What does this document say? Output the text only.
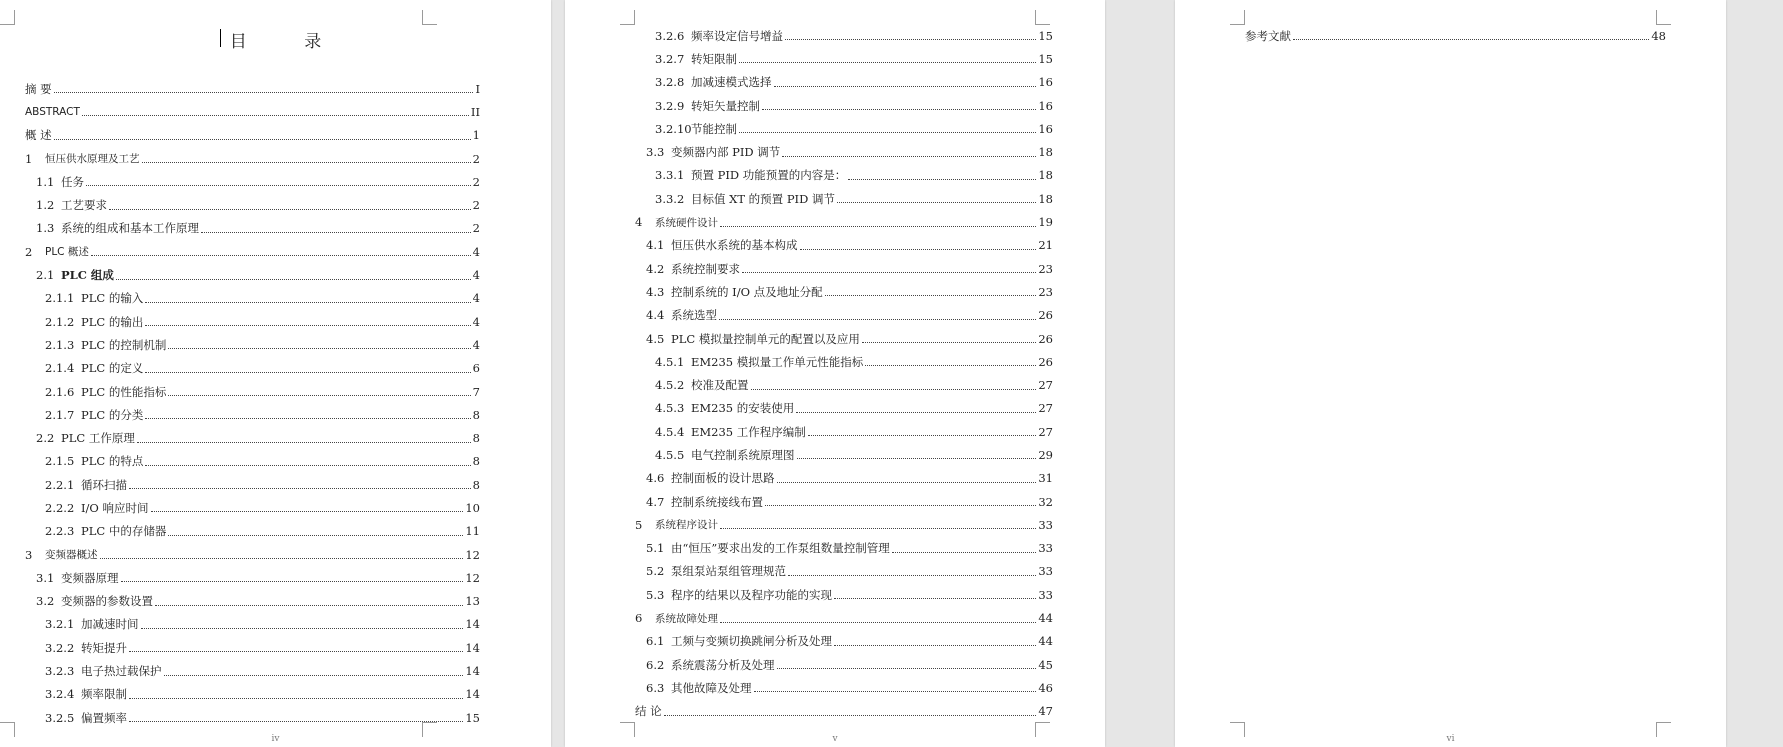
目 录
摘 要	I
ABSTRACT	II
概 述	1
1	恒压供水原理及工艺	2
1.1 任务	2
1.2 工艺要求	2
1.3 系统的组成和基本工作原理	2
2	PLC 概述	4
2.1 PLC 组成	4
2.1.1 PLC 的输入	4
2.1.2 PLC 的输出	4
2.1.3 PLC 的控制机制	4
2.1.4 PLC 的定义	6
2.1.6 PLC 的性能指标	7
2.1.7 PLC 的分类	8
2.2 PLC 工作原理	8
2.1.5 PLC 的特点	8
2.2.1 循环扫描	8
2.2.2 I/O 响应时间	10
2.2.3 PLC 中的存储器	11
3	变频器概述	12
3.1 变频器原理	12
3.2 变频器的参数设置	13
3.2.1 加减速时间	14
3.2.2 转矩提升	14
3.2.3 电子热过载保护	14
3.2.4 频率限制	14
3.2.5 偏置频率	15
iv
3.2.6 频率设定信号增益	15
3.2.7 转矩限制	15
3.2.8 加减速模式选择	16
3.2.9 转矩矢量控制	16
3.2.10 节能控制	16
3.3 变频器内部 PID 调节	18
3.3.1 预置 PID 功能预置的内容是：	18
3.3.2 目标值 XT 的预置 PID 调节	18
4	系统硬件设计	19
4.1 恒压供水系统的基本构成	21
4.2 系统控制要求	23
4.3 控制系统的 I/O 点及地址分配	23
4.4 系统选型	26
4.5 PLC 模拟量控制单元的配置以及应用	26
4.5.1 EM235 模拟量工作单元性能指标	26
4.5.2 校准及配置	27
4.5.3 EM235 的安装使用	27
4.5.4 EM235 工作程序编制	27
4.5.5 电气控制系统原理图	29
4.6 控制面板的设计思路	31
4.7 控制系统接线布置	32
5	系统程序设计	33
5.1 由“恒压”要求出发的工作泵组数量控制管理	33
5.2 泵组泵站泵组管理规范	33
5.3 程序的结果以及程序功能的实现	33
6	系统故障处理	44
6.1 工频与变频切换跳闸分析及处理	44
6.2 系统震荡分析及处理	45
6.3 其他故障及处理	46
结 论	47
v
参考文献	48
vi
